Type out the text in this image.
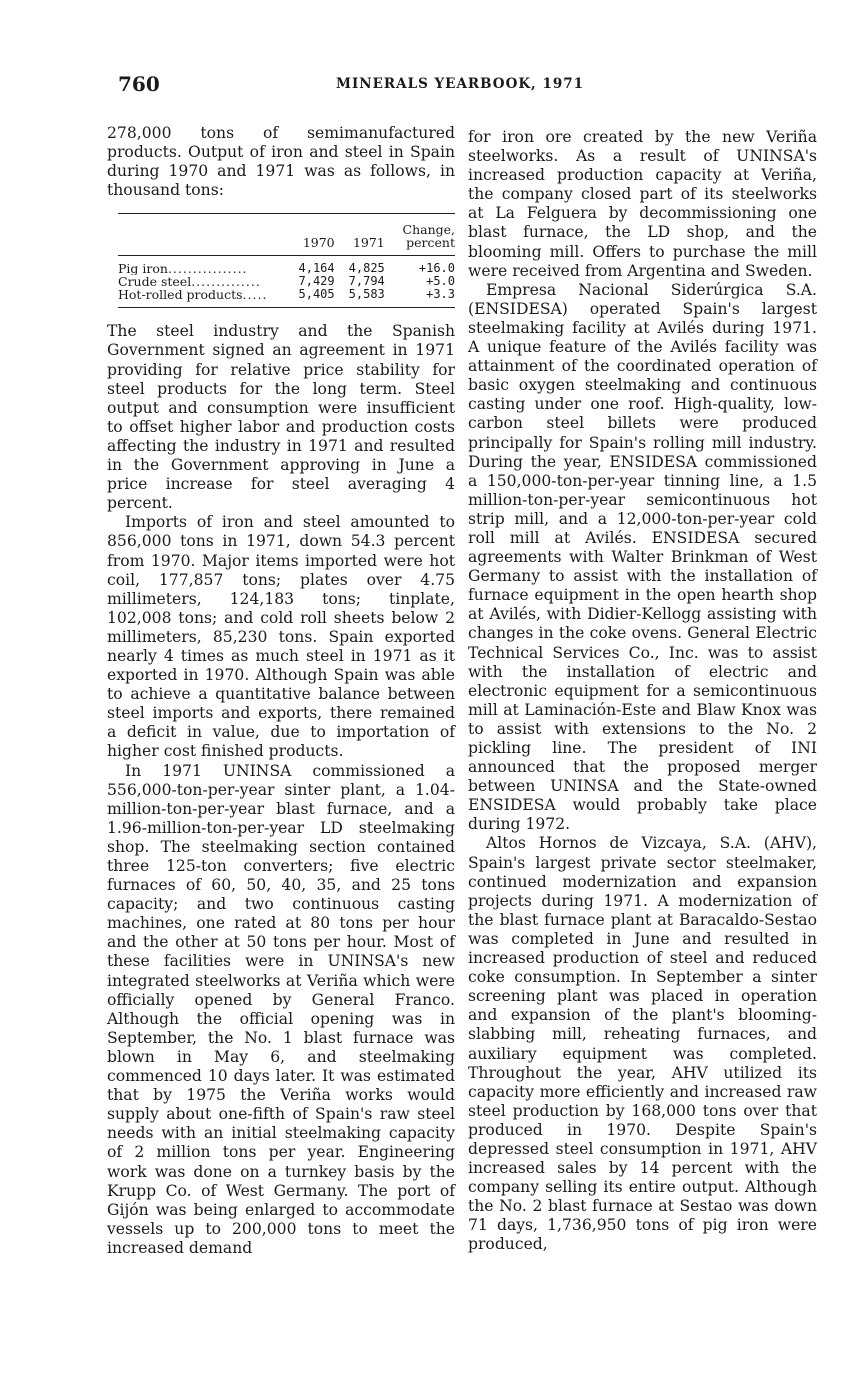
760	MINERALS YEARBOOK, 1971

278,000 tons of semimanufactured products. Output of iron and steel in Spain during 1970 and 1971 was as follows, in thousand tons:

	1970	1971	Change, percent
Pig iron................	4,164	4,825	+16.0
Crude steel..............	7,429	7,794	+5.0
Hot-rolled products.....	5,405	5,583	+3.3

The steel industry and the Spanish Government signed an agreement in 1971 providing for relative price stability for steel products for the long term. Steel output and consumption were insufficient to offset higher labor and production costs affecting the industry in 1971 and resulted in the Government approving in June a price increase for steel averaging 4 percent.

Imports of iron and steel amounted to 856,000 tons in 1971, down 54.3 percent from 1970. Major items imported were hot coil, 177,857 tons; plates over 4.75 millimeters, 124,183 tons; tinplate, 102,008 tons; and cold roll sheets below 2 millimeters, 85,230 tons. Spain exported nearly 4 times as much steel in 1971 as it exported in 1970. Although Spain was able to achieve a quantitative balance between steel imports and exports, there remained a deficit in value, due to importation of higher cost finished products.

In 1971 UNINSA commissioned a 556,000-ton-per-year sinter plant, a 1.04-million-ton-per-year blast furnace, and a 1.96-million-ton-per-year LD steelmaking shop. The steelmaking section contained three 125-ton converters; five electric furnaces of 60, 50, 40, 35, and 25 tons capacity; and two continuous casting machines, one rated at 80 tons per hour and the other at 50 tons per hour. Most of these facilities were in UNINSA's new integrated steelworks at Veriña which were officially opened by General Franco. Although the official opening was in September, the No. 1 blast furnace was blown in May 6, and steelmaking commenced 10 days later. It was estimated that by 1975 the Veriña works would supply about one-fifth of Spain's raw steel needs with an initial steelmaking capacity of 2 million tons per year. Engineering work was done on a turnkey basis by the Krupp Co. of West Germany. The port of Gijón was being enlarged to accommodate vessels up to 200,000 tons to meet the increased demand

for iron ore created by the new Veriña steelworks. As a result of UNINSA's increased production capacity at Veriña, the company closed part of its steelworks at La Felguera by decommissioning one blast furnace, the LD shop, and the blooming mill. Offers to purchase the mill were received from Argentina and Sweden.

Empresa Nacional Siderúrgica S.A. (ENSIDESA) operated Spain's largest steelmaking facility at Avilés during 1971. A unique feature of the Avilés facility was attainment of the coordinated operation of basic oxygen steelmaking and continuous casting under one roof. High-quality, low-carbon steel billets were produced principally for Spain's rolling mill industry. During the year, ENSIDESA commissioned a 150,000-ton-per-year tinning line, a 1.5 million-ton-per-year semicontinuous hot strip mill, and a 12,000-ton-per-year cold roll mill at Avilés. ENSIDESA secured agreements with Walter Brinkman of West Germany to assist with the installation of furnace equipment in the open hearth shop at Avilés, with Didier-Kellogg assisting with changes in the coke ovens. General Electric Technical Services Co., Inc. was to assist with the installation of electric and electronic equipment for a semicontinuous mill at Laminación-Este and Blaw Knox was to assist with extensions to the No. 2 pickling line. The president of INI announced that the proposed merger between UNINSA and the State-owned ENSIDESA would probably take place during 1972.

Altos Hornos de Vizcaya, S.A. (AHV), Spain's largest private sector steelmaker, continued modernization and expansion projects during 1971. A modernization of the blast furnace plant at Baracaldo-Sestao was completed in June and resulted in increased production of steel and reduced coke consumption. In September a sinter screening plant was placed in operation and expansion of the plant's blooming-slabbing mill, reheating furnaces, and auxiliary equipment was completed. Throughout the year, AHV utilized its capacity more efficiently and increased raw steel production by 168,000 tons over that produced in 1970. Despite Spain's depressed steel consumption in 1971, AHV increased sales by 14 percent with the company selling its entire output. Although the No. 2 blast furnace at Sestao was down 71 days, 1,736,950 tons of pig iron were produced,
